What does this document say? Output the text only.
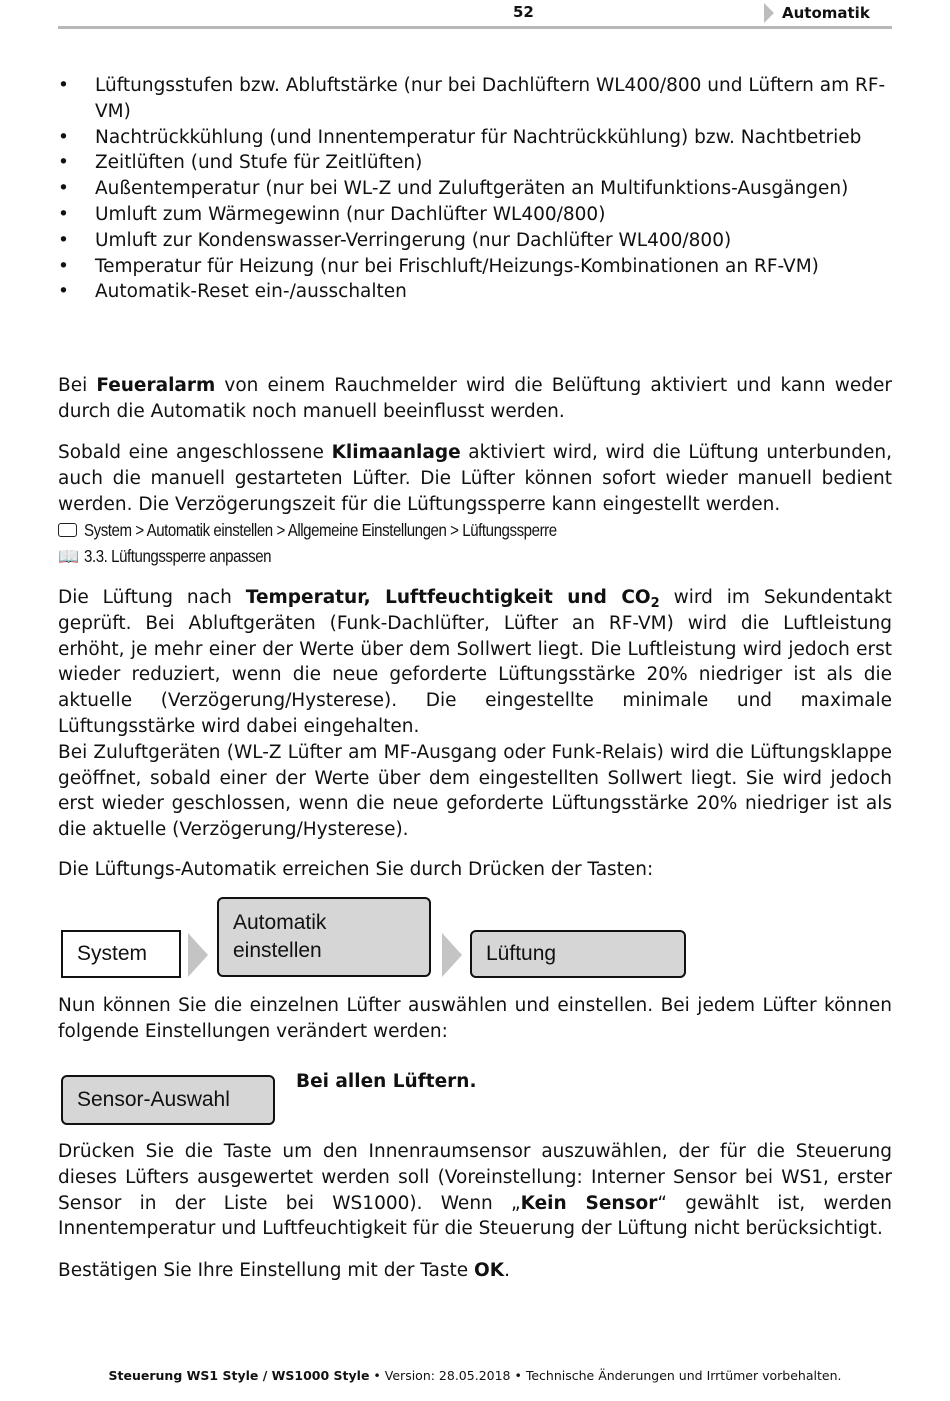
52	Automatik
• Lüftungsstufen bzw. Abluftstärke (nur bei Dachlüftern WL400/800 und Lüftern am RF-VM)
• Nachtrückkühlung (und Innentemperatur für Nachtrückkühlung) bzw. Nachtbetrieb
• Zeitlüften (und Stufe für Zeitlüften)
• Außentemperatur (nur bei WL-Z und Zuluftgeräten an Multifunktions-Ausgängen)
• Umluft zum Wärmegewinn (nur Dachlüfter WL400/800)
• Umluft zur Kondenswasser-Verringerung (nur Dachlüfter WL400/800)
• Temperatur für Heizung (nur bei Frischluft/Heizungs-Kombinationen an RF-VM)
• Automatik-Reset ein-/ausschalten

Bei Feueralarm von einem Rauchmelder wird die Belüftung aktiviert und kann weder durch die Automatik noch manuell beeinflusst werden.

Sobald eine angeschlossene Klimaanlage aktiviert wird, wird die Lüftung unterbunden, auch die manuell gestarteten Lüfter. Die Lüfter können sofort wieder manuell bedient werden. Die Verzögerungszeit für die Lüftungssperre kann eingestellt werden.

System > Automatik einstellen > Allgemeine Einstellungen > Lüftungssperre
📖 3.3. Lüftungssperre anpassen

Die Lüftung nach Temperatur, Luftfeuchtigkeit und $CO_2$ wird im Sekundentakt geprüft. Bei Abluftgeräten (Funk-Dachlüfter, Lüfter an RF-VM) wird die Luftleistung erhöht, je mehr einer der Werte über dem Sollwert liegt. Die Luftleistung wird jedoch erst wieder reduziert, wenn die neue geforderte Lüftungsstärke 20% niedriger ist als die aktuelle (Verzögerung/Hysterese). Die eingestellte minimale und maximale Lüftungsstärke wird dabei eingehalten.

Bei Zuluftgeräten (WL-Z Lüfter am MF-Ausgang oder Funk-Relais) wird die Lüftungsklappe geöffnet, sobald einer der Werte über dem eingestellten Sollwert liegt. Sie wird jedoch erst wieder geschlossen, wenn die neue geforderte Lüftungsstärke 20% niedriger ist als die aktuelle (Verzögerung/Hysterese).

Die Lüftungs-Automatik erreichen Sie durch Drücken der Tasten:

System
Automatik
einstellen	Lüftung

Nun können Sie die einzelnen Lüfter auswählen und einstellen. Bei jedem Lüfter können folgende Einstellungen verändert werden:

Sensor-Auswahl
Bei allen Lüftern.

Drücken Sie die Taste um den Innenraumsensor auszuwählen, der für die Steuerung dieses Lüfters ausgewertet werden soll (Voreinstellung: Interner Sensor bei WS1, erster Sensor in der Liste bei WS1000). Wenn „Kein Sensor“ gewählt ist, werden Innentemperatur und Luftfeuchtigkeit für die Steuerung der Lüftung nicht berücksichtigt.

Bestätigen Sie Ihre Einstellung mit der Taste OK.

Steuerung WS1 Style / WS1000 Style • Version: 28.05.2018 • Technische Änderungen und Irrtümer vorbehalten.
